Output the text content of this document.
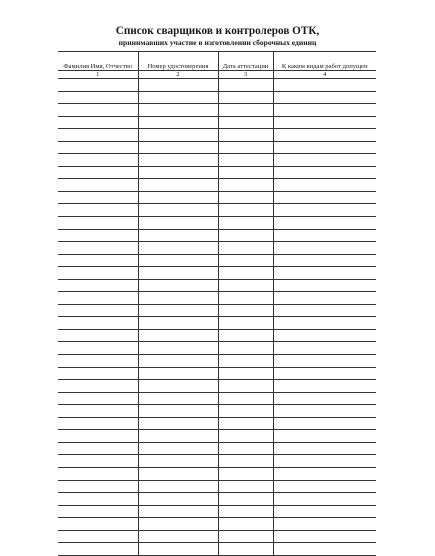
Список сварщиков и контролеров ОТК,

принимавших участие в изготовлении сборочных единиц

Фамилия Имя, Отчество	Номер удостоверения	Дата аттестации	К каким видам работ допущен
1	2	3	4
